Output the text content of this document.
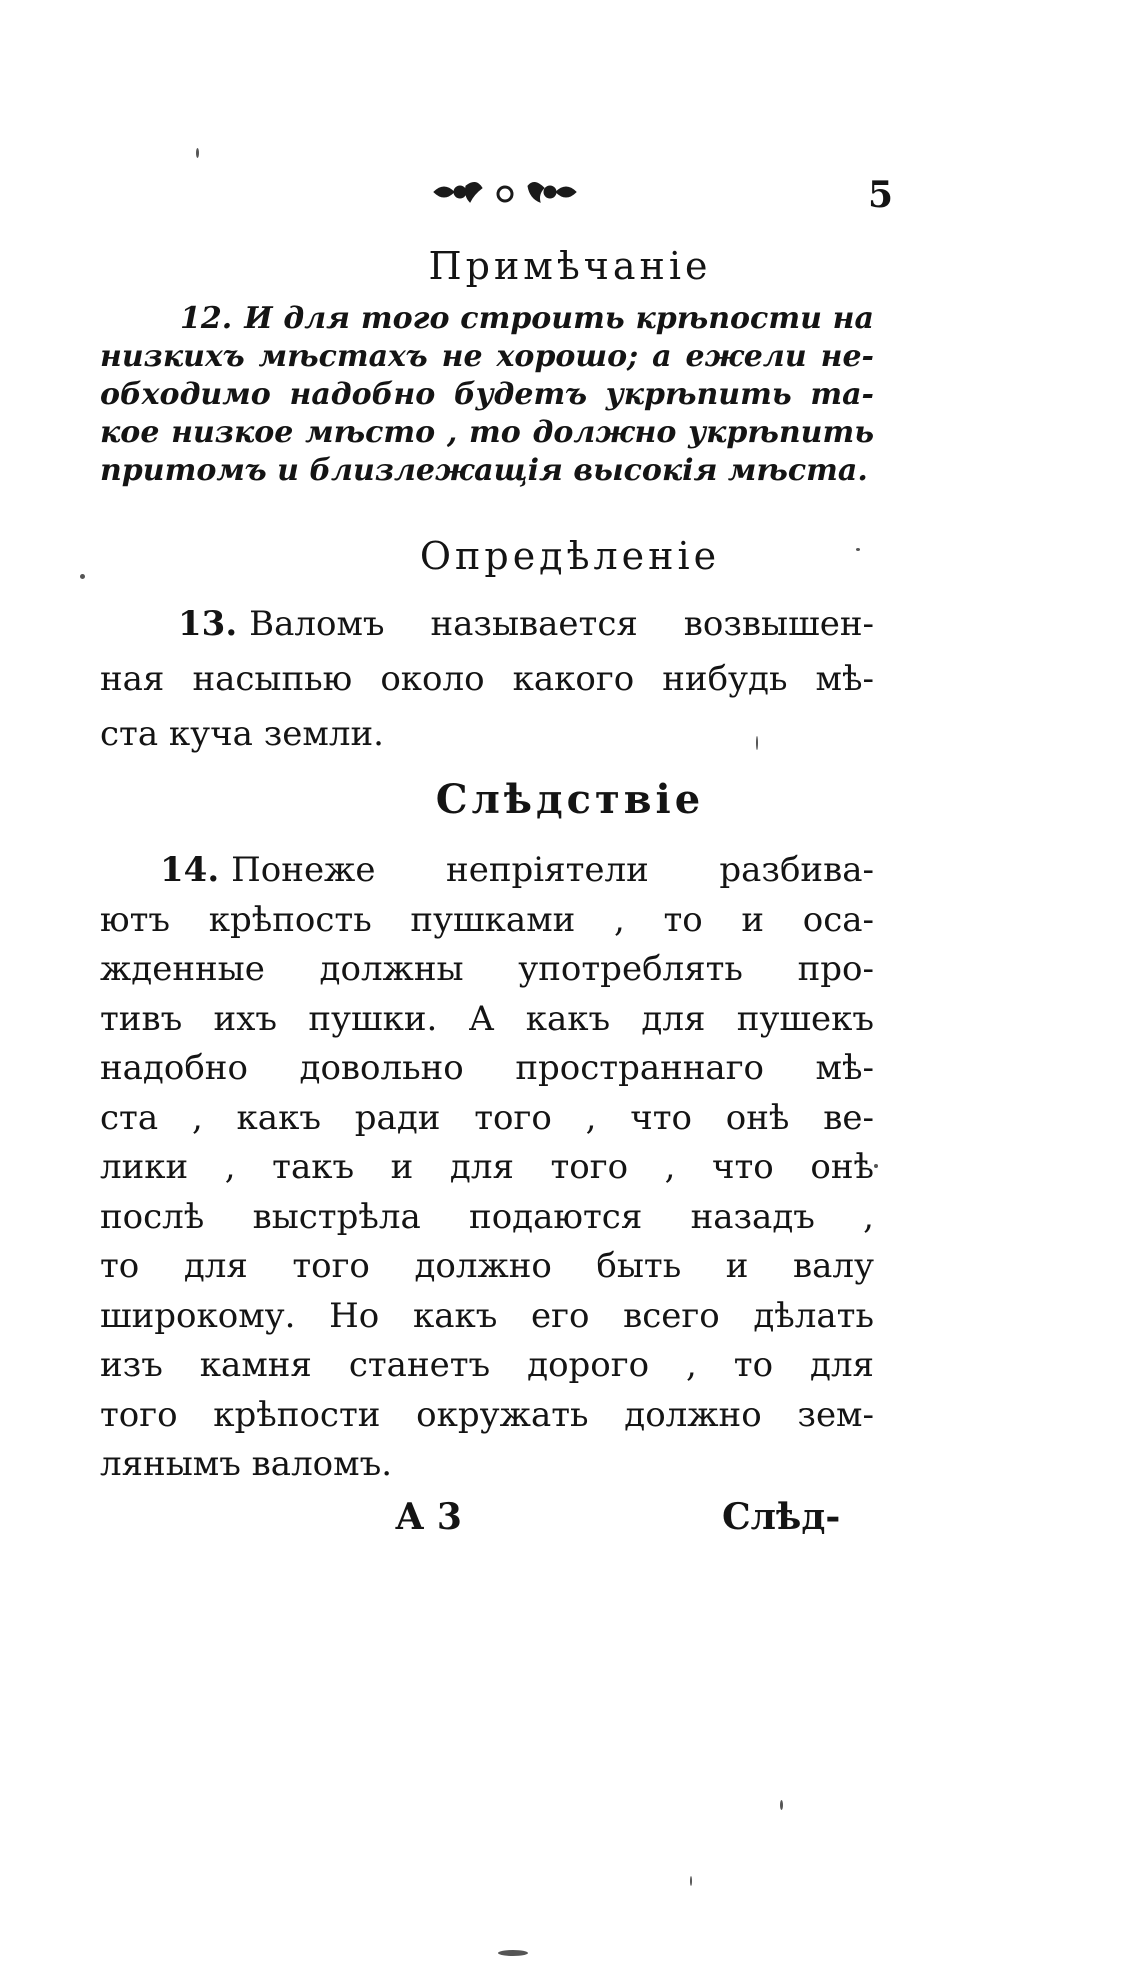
5
Примѣчаніе
12. И для того строить крѣпости на
низкихъ мѣстахъ не хорошо; а ежели не-
обходимо надобно будетъ укрѣпить та-
кое низкое мѣсто , то должно укрѣпить
притомъ и близлежащія высокія мѣста.
Опредѣленіе
13. Валомъ называется возвышен-
ная насыпью около какого нибудь мѣ-
ста куча земли.
Слѣдствіе
14. Понеже непріятели разбива-
ютъ крѣпость пушками , то и оса-
жденные должны употреблять про-
тивъ ихъ пушки. А какъ для пушекъ
надобно довольно пространнаго мѣ-
ста , какъ ради того , что онѣ ве-
лики , такъ и для того , что онѣ
послѣ выстрѣла подаются назадъ ,
то для того должно быть и валу
широкому. Но какъ его всего дѣлать
изъ камня станетъ дорого , то для
того крѣпости окружать должно зем-
лянымъ валомъ.
А 3	Слѣд-
